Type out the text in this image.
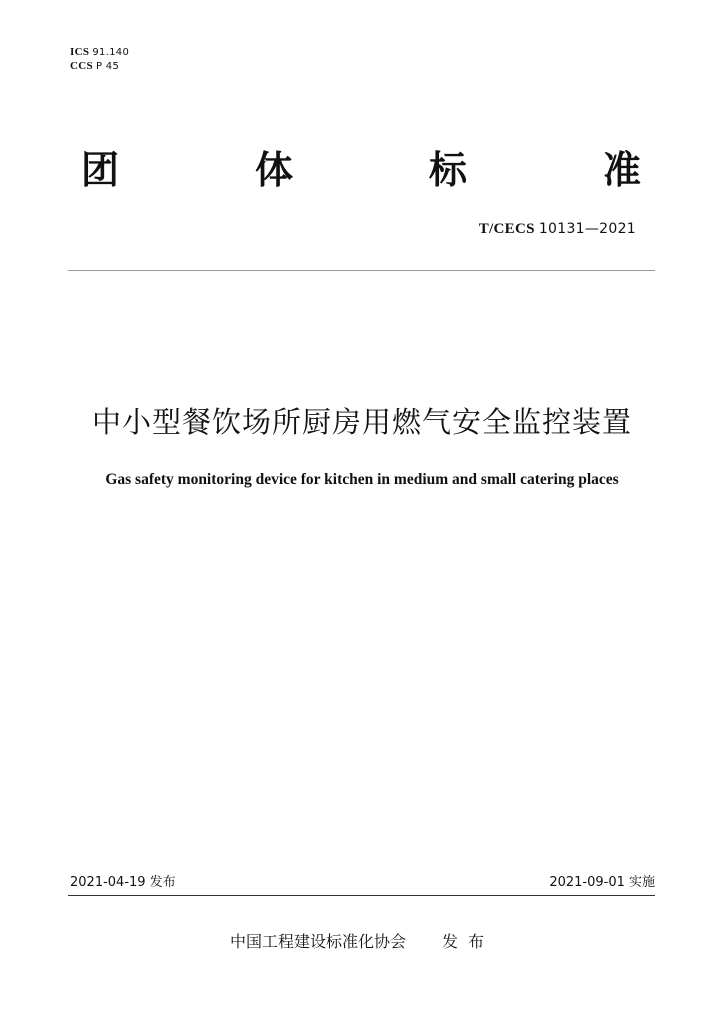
ICS 91.140
CCS P 45
团	体	标	准
T/CECS 10131—2021
中小型餐饮场所厨房用燃气安全监控装置
Gas safety monitoring device for kitchen in medium and small catering places
2021-04-19 发布	2021-09-01 实施
中国工程建设标准化协会 发布
